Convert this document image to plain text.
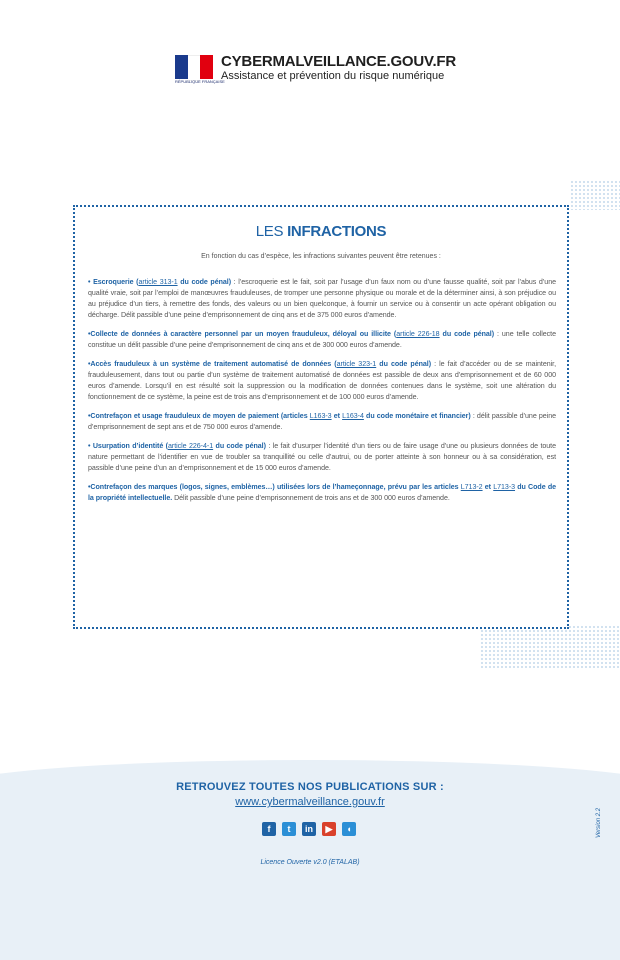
RÉPUBLIQUE FRANÇAISE
CYBERMALVEILLANCE.GOUV.FR
Assistance et prévention du risque numérique
LES INFRACTIONS
En fonction du cas d’espèce, les infractions suivantes peuvent être retenues :
• Escroquerie (article 313-1 du code pénal) : l’escroquerie est le fait, soit par l’usage d’un faux nom ou d’une fausse qualité, soit par l’abus d’une qualité vraie, soit par l’emploi de manœuvres frauduleuses, de tromper une personne physique ou morale et de la déterminer ainsi, à son préjudice ou au préjudice d’un tiers, à remettre des fonds, des valeurs ou un bien quelconque, à fournir un service ou à consentir un acte opérant obligation ou décharge. Délit passible d’une peine d’emprisonnement de cinq ans et de 375 000 euros d’amende.
•Collecte de données à caractère personnel par un moyen frauduleux, déloyal ou illicite (article 226-18 du code pénal) : une telle collecte constitue un délit passible d’une peine d’emprisonnement de cinq ans et de 300 000 euros d’amende.
•Accès frauduleux à un système de traitement automatisé de données (article 323-1 du code pénal) : le fait d’accéder ou de se maintenir, frauduleusement, dans tout ou partie d’un système de traitement automatisé de données est passible de deux ans d’emprisonnement et de 60 000 euros d’amende. Lorsqu’il en est résulté soit la suppression ou la modification de données contenues dans le système, soit une altération du fonctionnement de ce système, la peine est de trois ans d’emprisonnement et de 100 000 euros d’amende.
•Contrefaçon et usage frauduleux de moyen de paiement (articles L163-3 et L163-4 du code monétaire et financier) : délit passible d’une peine d’emprisonnement de sept ans et de 750 000 euros d’amende.
• Usurpation d’identité (article 226-4-1 du code pénal) : le fait d’usurper l’identité d’un tiers ou de faire usage d’une ou plusieurs données de toute nature permettant de l’identifier en vue de troubler sa tranquillité ou celle d’autrui, ou de porter atteinte à son honneur ou à sa considération, est passible d’une peine d’un an d’emprisonnement et de 15 000 euros d’amende.
•Contrefaçon des marques (logos, signes, emblèmes…) utilisées lors de l’hameçonnage, prévu par les articles L713-2 et L713-3 du Code de la propriété intellectuelle. Délit passible d’une peine d’emprisonnement de trois ans et de 300 000 euros d’amende.
RETROUVEZ TOUTES NOS PUBLICATIONS SUR :
www.cybermalveillance.gouv.fr
f	t	in	▶	◖
Licence Ouverte v2.0 (ETALAB)
Version 2.2
